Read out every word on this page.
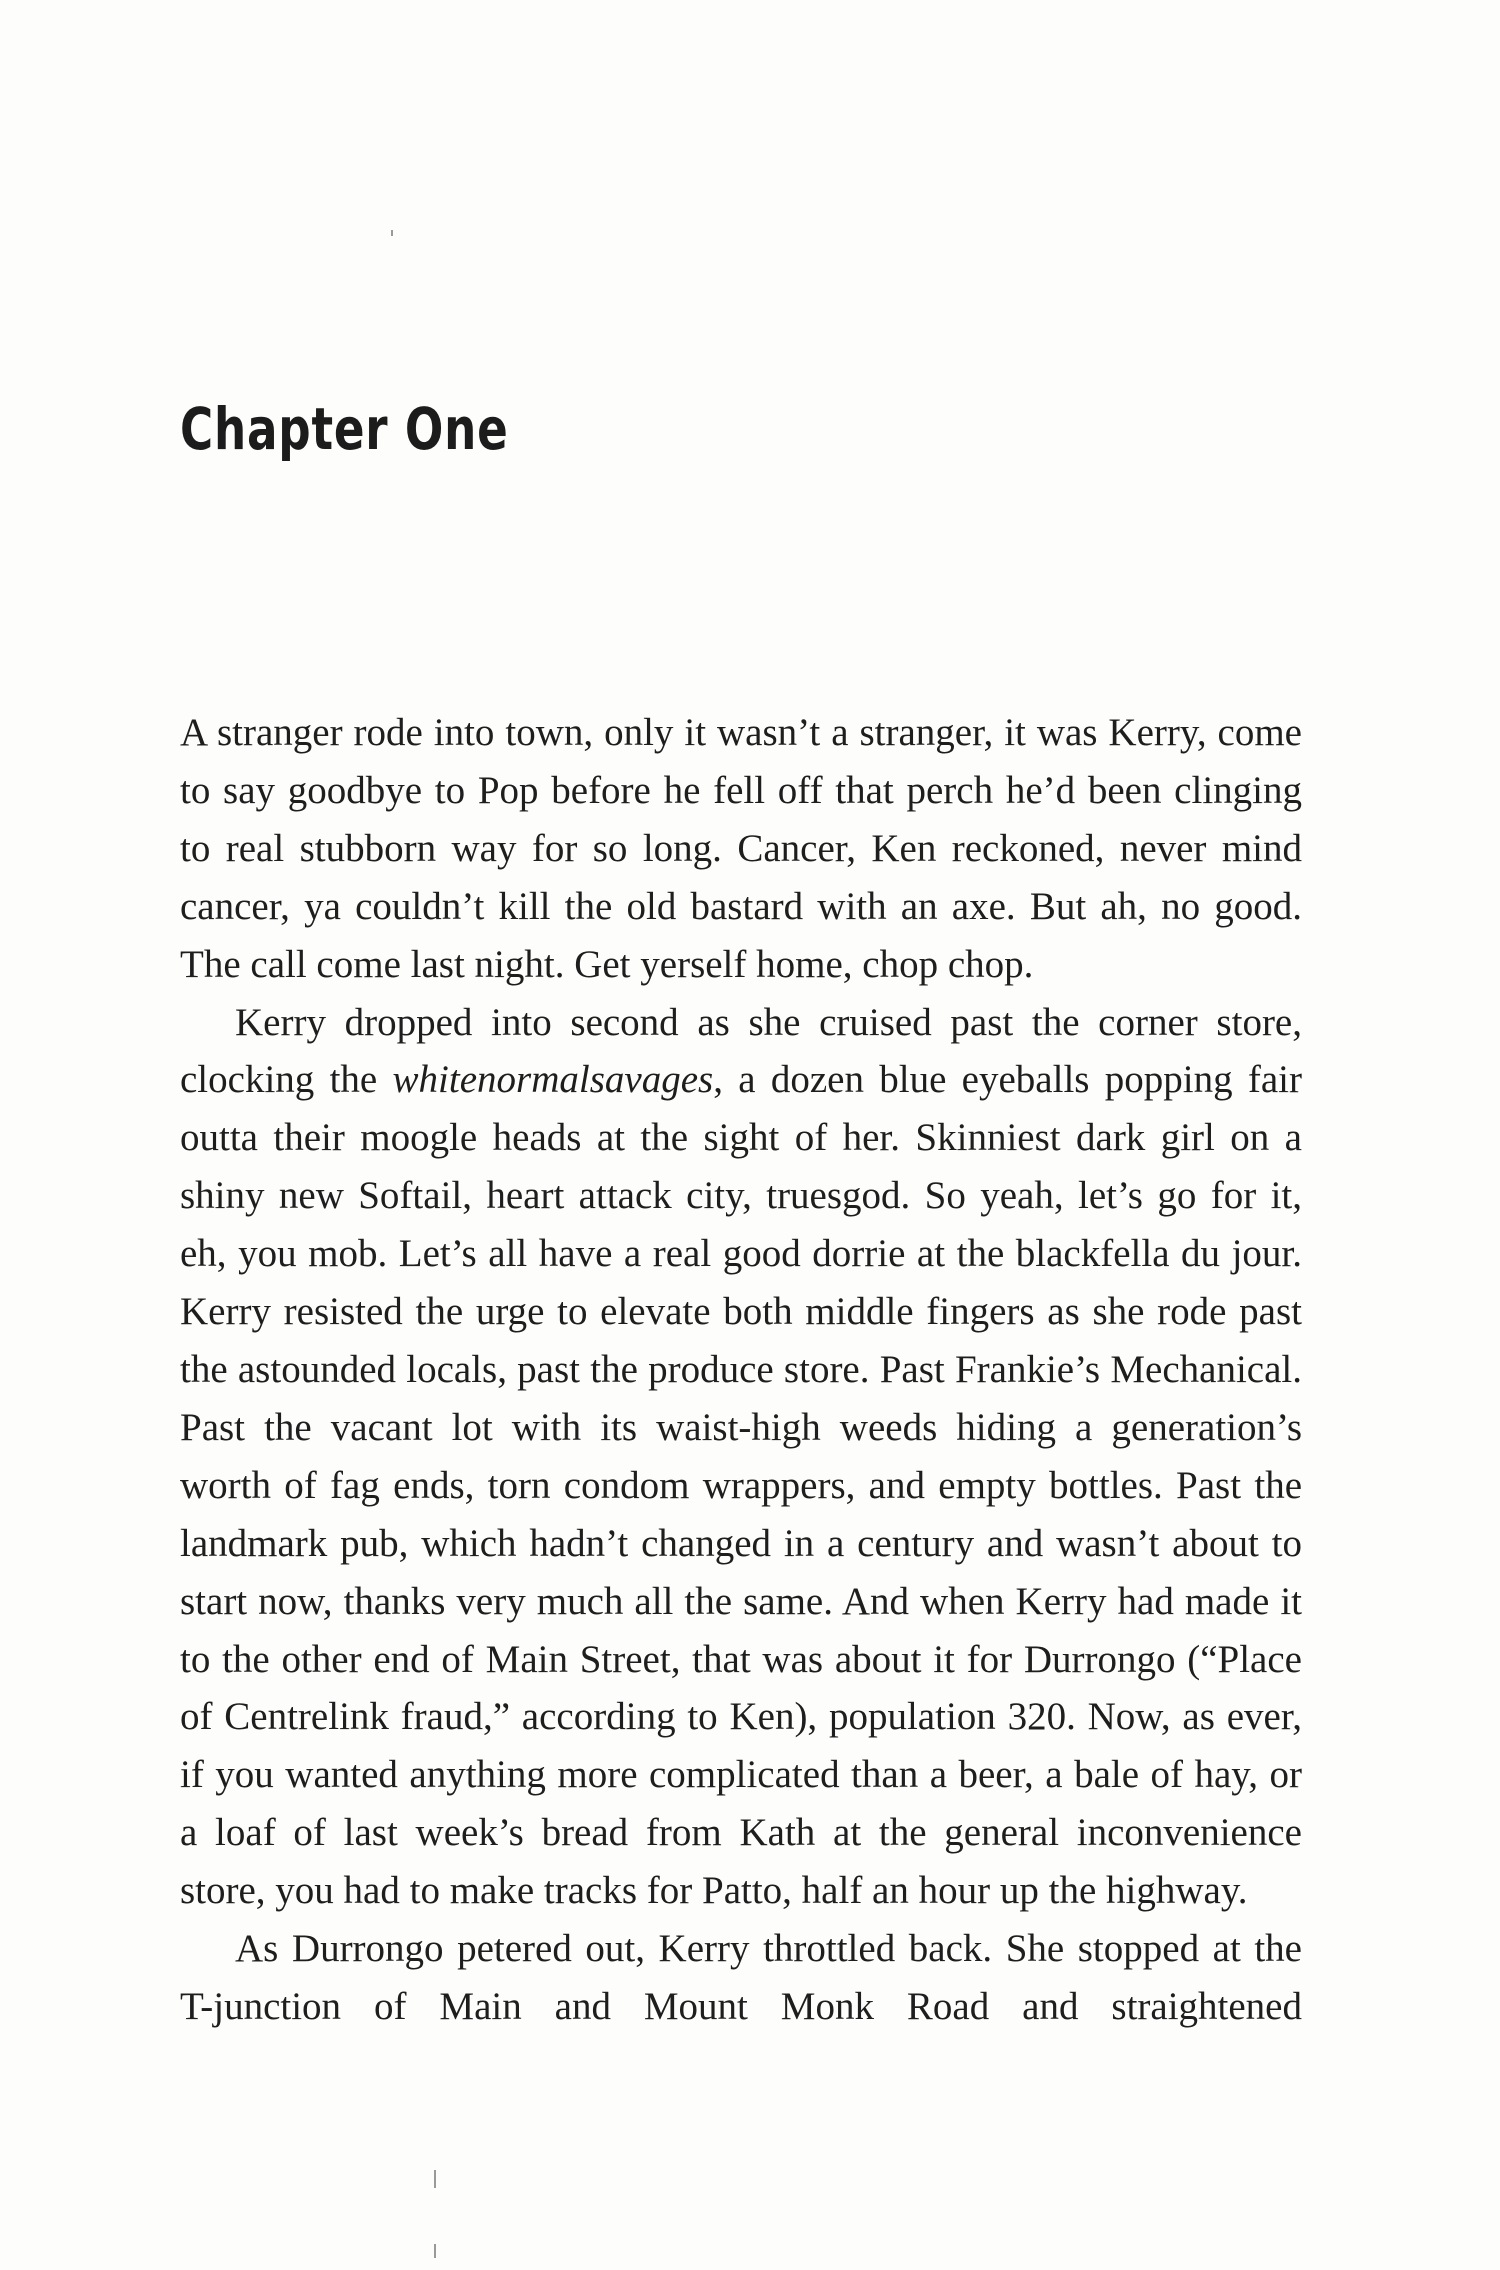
Chapter One

A stranger rode into town, only it wasn’t a stranger, it was Kerry, come to say goodbye to Pop before he fell off that perch he’d been clinging to real stubborn way for so long. Cancer, Ken reckoned, never mind cancer, ya couldn’t kill the old bastard with an axe. But ah, no good. The call come last night. Get yerself home, chop chop.

Kerry dropped into second as she cruised past the corner store, clocking the whitenormalsavages, a dozen blue eyeballs popping fair outta their moogle heads at the sight of her. Skinniest dark girl on a shiny new Softail, heart attack city, truesgod. So yeah, let’s go for it, eh, you mob. Let’s all have a real good dorrie at the blackfella du jour. Kerry resisted the urge to elevate both middle fingers as she rode past the astounded locals, past the produce store. Past Frankie’s Mechanical. Past the vacant lot with its waist-high weeds hiding a generation’s worth of fag ends, torn condom wrappers, and empty bottles. Past the landmark pub, which hadn’t changed in a century and wasn’t about to start now, thanks very much all the same. And when Kerry had made it to the other end of Main Street, that was about it for Durrongo (“Place of Centrelink fraud,” according to Ken), population 320. Now, as ever, if you wanted anything more complicated than a beer, a bale of hay, or a loaf of last week’s bread from Kath at the general inconvenience store, you had to make tracks for Patto, half an hour up the highway.

As Durrongo petered out, Kerry throttled back. She stopped at the T-junction of Main and Mount Monk Road and straightened
